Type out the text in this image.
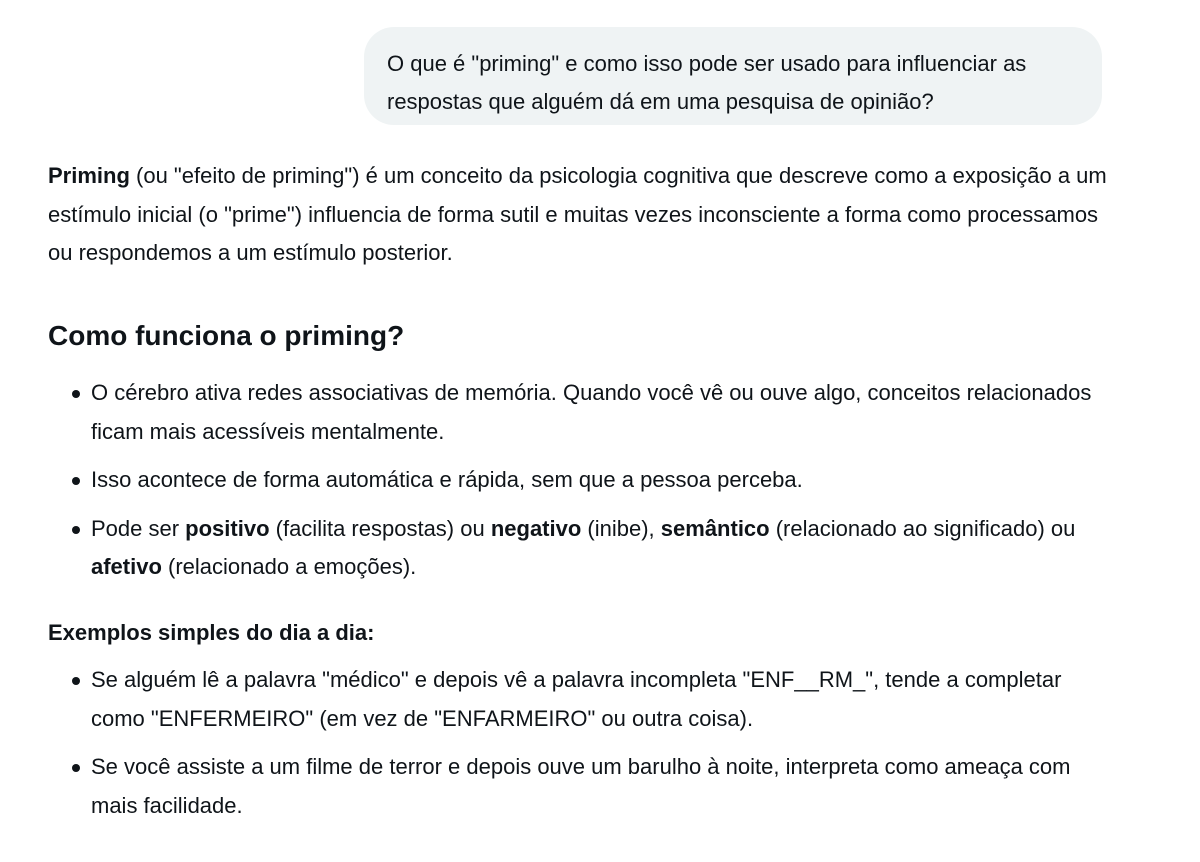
O que é "priming" e como isso pode ser usado para influenciar as respostas que alguém dá em uma pesquisa de opinião?

Priming (ou "efeito de priming") é um conceito da psicologia cognitiva que descreve como a exposição a um estímulo inicial (o "prime") influencia de forma sutil e muitas vezes inconsciente a forma como processamos ou respondemos a um estímulo posterior.

Como funciona o priming?
O cérebro ativa redes associativas de memória. Quando você vê ou ouve algo, conceitos relacionados ficam mais acessíveis mentalmente.
Isso acontece de forma automática e rápida, sem que a pessoa perceba.
Pode ser positivo (facilita respostas) ou negativo (inibe), semântico (relacionado ao significado) ou afetivo (relacionado a emoções).
Exemplos simples do dia a dia:
Se alguém lê a palavra "médico" e depois vê a palavra incompleta "ENF__RM_", tende a completar como "ENFERMEIRO" (em vez de "ENFARMEIRO" ou outra coisa).
Se você assiste a um filme de terror e depois ouve um barulho à noite, interpreta como ameaça com mais facilidade.
